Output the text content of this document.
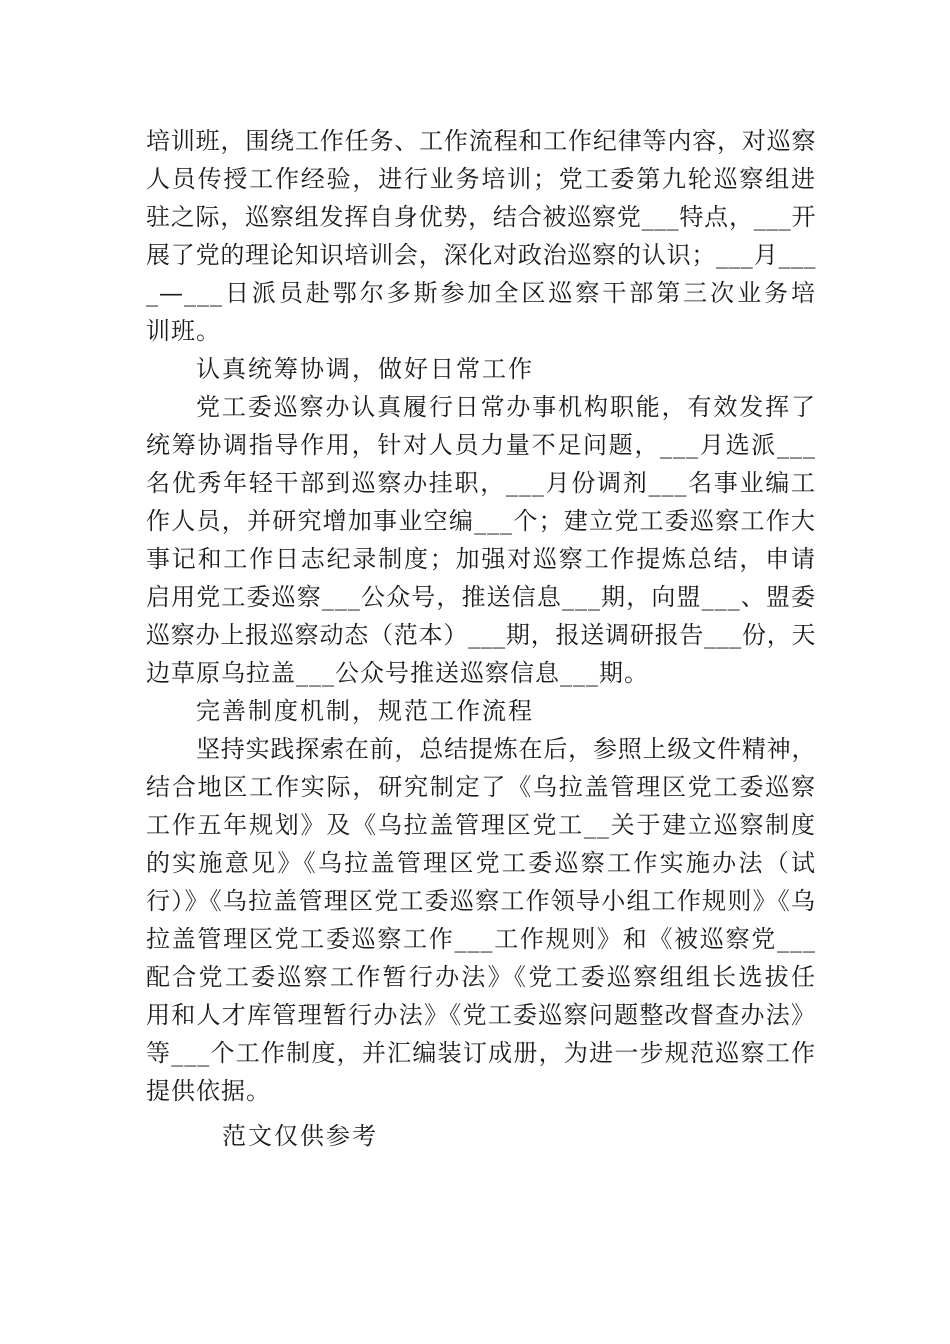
培训班，围绕工作任务、工作流程和工作纪律等内容，对巡察
人员传授工作经验，进行业务培训；党工委第九轮巡察组进
驻之际，巡察组发挥自身优势，结合被巡察党___特点，___开
展了党的理论知识培训会，深化对政治巡察的认识；___月___
_—___日派员赴鄂尔多斯参加全区巡察干部第三次业务培
训班。
认真统筹协调，做好日常工作
党工委巡察办认真履行日常办事机构职能，有效发挥了
统筹协调指导作用，针对人员力量不足问题，___月选派___
名优秀年轻干部到巡察办挂职，___月份调剂___名事业编工
作人员，并研究增加事业空编___个；建立党工委巡察工作大
事记和工作日志纪录制度；加强对巡察工作提炼总结，申请
启用党工委巡察___公众号，推送信息___期，向盟___、盟委
巡察办上报巡察动态（范本）___期，报送调研报告___份，天
边草原乌拉盖___公众号推送巡察信息___期。
完善制度机制，规范工作流程
坚持实践探索在前，总结提炼在后，参照上级文件精神，
结合地区工作实际，研究制定了《乌拉盖管理区党工委巡察
工作五年规划》及《乌拉盖管理区党工__关于建立巡察制度
的实施意见》《乌拉盖管理区党工委巡察工作实施办法（试
行）》《乌拉盖管理区党工委巡察工作领导小组工作规则》《乌
拉盖管理区党工委巡察工作___工作规则》和《被巡察党___
配合党工委巡察工作暂行办法》《党工委巡察组组长选拔任
用和人才库管理暂行办法》《党工委巡察问题整改督查办法》
等___个工作制度，并汇编装订成册，为进一步规范巡察工作
提供依据。
范文仅供参考
